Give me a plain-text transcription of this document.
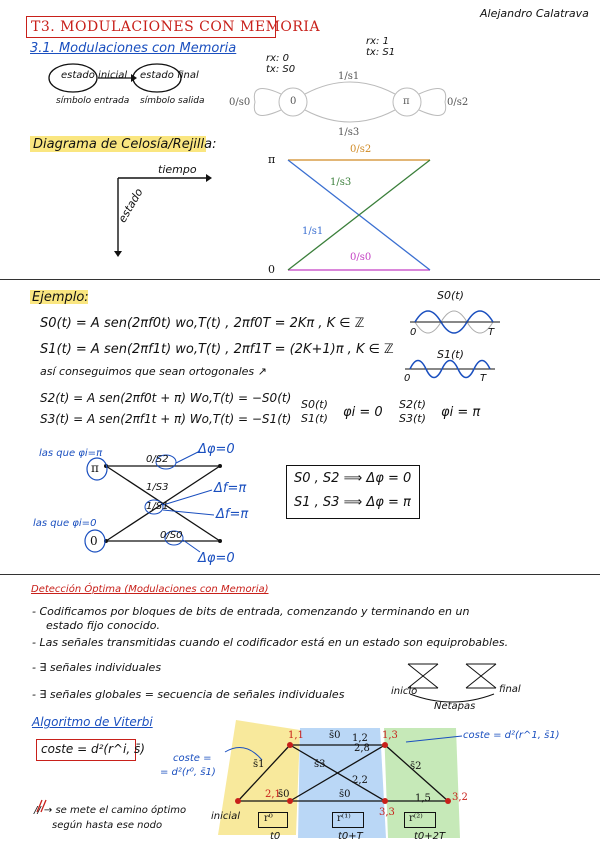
Alejandro Calatrava
T3. MODULACIONES CON MEMORIA
3.1. Modulaciones con Memoria
estado inicial estado final
símbolo entrada símbolo salida
rx: 1
tx: S1
rx: 0
tx: S0
1/s1
1/s3
0/s0	0/s2
0	π
Diagrama de Celosía/Rejilla:
tiempo
estado
π
0
0/s2
1/s3
1/s1
0/s0
Ejemplo:
S0(t) = A sen(2πf0t) wo,T(t) , 2πf0T = 2Kπ , K ∈ ℤ
S1(t) = A sen(2πf1t) wo,T(t) , 2πf1T = (2K+1)π , K ∈ ℤ
así conseguimos que sean ortogonales ↗
S2(t) = A sen(2πf0t + π) Wo,T(t) = −S0(t)
S3(t) = A sen(2πf1t + π) Wo,T(t) = −S1(t)
S0(t) S1(t)	φi = 0
S2(t) S3(t)	φi = π
S0(t)
S1(t)
0	T
0	T
las que φi=π
las que φi=0
π
0
0/S2
1/S3
1/S1
0/S0
Δφ=0
Δf=π
Δf=π
Δφ=0
S0 , S2 ⟹ Δφ = 0
S1 , S3 ⟹ Δφ = π
Detección Óptima (Modulaciones con Memoria)
- Codificamos por bloques de bits de entrada, comenzando y terminando en un
estado fijo conocido.
- Las señales transmitidas cuando el codificador está en un estado son equiprobables.
- ∃ señales individuales
- ∃ señales globales = secuencia de señales individuales	inicio	final
Netapas
Algoritmo de Viterbi
coste = d²(r^i, s̄)
coste =
= d²(r⁰, s̄1)
coste = d²(r^1, s̄1)
// → se mete el camino óptimo
según hasta ese nodo
inicial r⁰	r⁽¹⁾	r⁽²⁾
t0	t0+T	t0+2T
1,1
2,1
1,3
1,2
3,3
1,5 3,2
2,8
2,2
s̄1
s̄0
s̄3
s̄0
s̄2
s̄0
